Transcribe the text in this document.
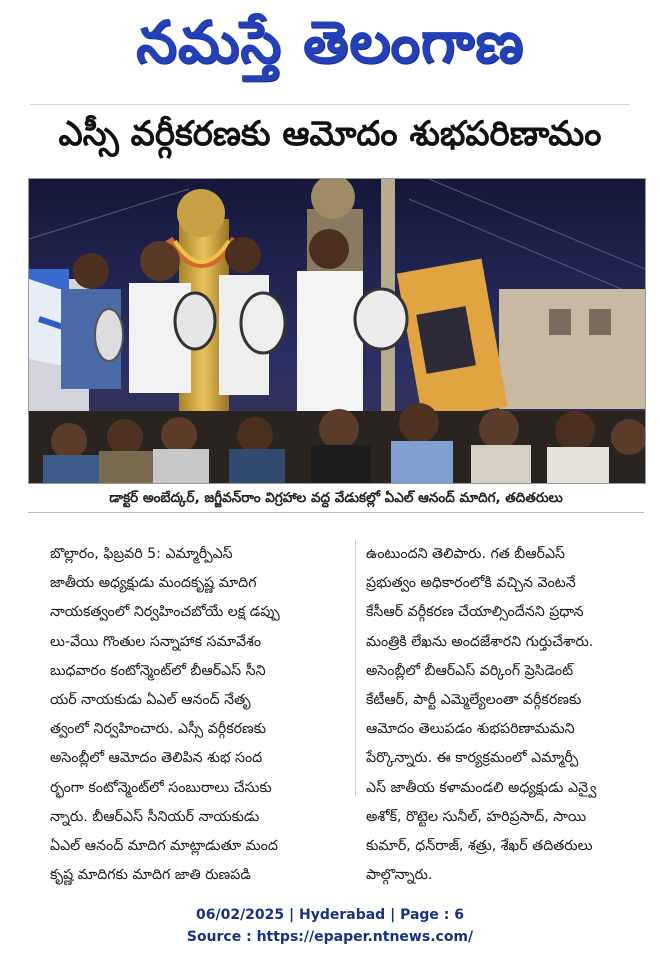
నమస్తే తెలంగాణ
ఎస్సీ వర్గీకరణకు ఆమోదం శుభపరిణామం
డాక్టర్ అంబేద్కర్, జగ్జీవన్‌రాం విగ్రహాల వద్ద వేడుకల్లో ఏఎల్ ఆనంద్ మాదిగ, తదితరులు
బొల్లారం, ఫిబ్రవరి 5: ఎమ్మార్పీఎస్
జాతీయ అధ్యక్షుడు మందకృష్ణ మాదిగ
నాయకత్వంలో నిర్వహించబోయే లక్ష డప్పు
లు-వేయి గొంతుల సన్నాహాక సమావేశం
బుధవారం కంటోన్మెంట్‌లో బీఆర్‌ఎస్ సీని
యర్ నాయకుడు ఏఎల్ ఆనంద్ నేతృ
త్వంలో నిర్వహించారు. ఎస్సీ వర్గీకరణకు
అసెంబ్లీలో ఆమోదం తెలిపిన శుభ సంద
ర్భంగా కంటోన్మెంట్‌లో సంబురాలు చేసుకు
న్నారు. బీఆర్‌ఎస్ సీనియర్ నాయకుడు
ఏఎల్ ఆనంద్ మాదిగ మాట్లాడుతూ మంద
కృష్ణ మాదిగకు మాదిగ జాతి రుణపడి
ఉంటుందని తెలిపారు. గత బీఆర్‌ఎస్
ప్రభుత్వం అధికారంలోకి వచ్చిన వెంటనే
కేసీఆర్ వర్గీకరణ చేయాల్సిందేనని ప్రధాన
మంత్రికి లేఖను అందజేశారని గుర్తుచేశారు.
అసెంబ్లీలో బీఆర్‌ఎస్ వర్కింగ్ ప్రెసిడెంట్
కేటీఆర్, పార్టీ ఎమ్మెల్యేలంతా వర్గీకరణకు
ఆమోదం తెలుపడం శుభపరిణామమని
పేర్కొన్నారు. ఈ కార్యక్రమంలో ఎమ్మార్పీ
ఎస్ జాతీయ కళామండలి అధ్యక్షుడు ఎన్వై
అశోక్, రొట్టెల సునీల్, హరిప్రసాద్, సాయి
కుమార్, ధన్‌రాజ్, శత్రు, శేఖర్ తదితరులు
పాల్గొన్నారు.
06/02/2025 | Hyderabad | Page : 6
Source : https://epaper.ntnews.com/
